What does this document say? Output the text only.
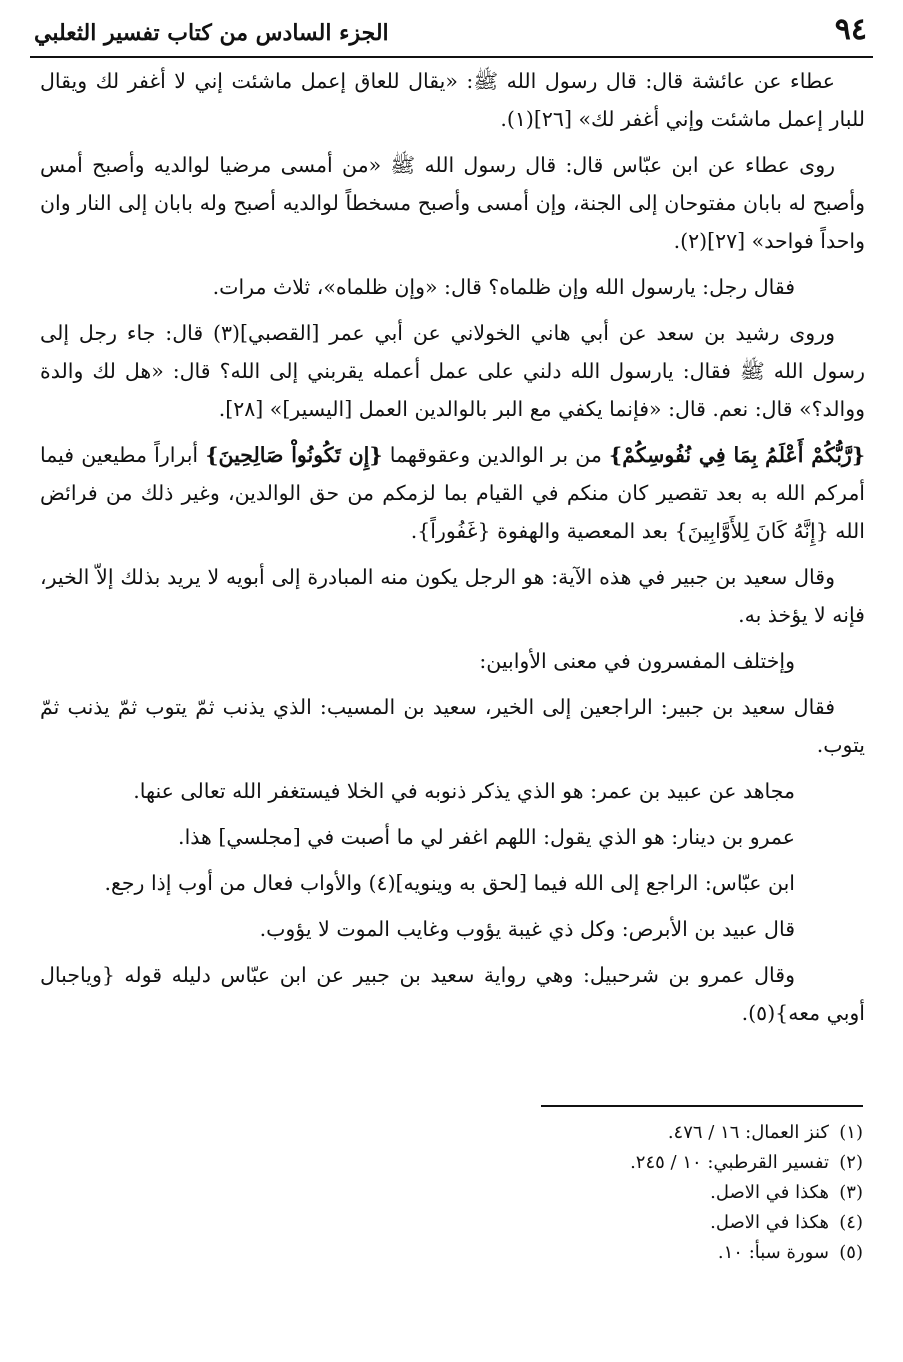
٩٤
الجزء السادس من كتاب تفسير الثعلبي

عطاء عن عائشة قال: قال رسول الله ﷺ: «يقال للعاق إعمل ماشئت إني لا أغفر لك ويقال للبار إعمل ماشئت وإني أغفر لك» [٢٦](١).

روى عطاء عن ابن عبّاس قال: قال رسول الله ﷺ «من أمسى مرضيا لوالديه وأصبح أمس وأصبح له بابان مفتوحان إلى الجنة، وإن أمسى وأصبح مسخطاً لوالديه أصبح وله بابان إلى النار وان واحداً فواحد» [٢٧](٢).

فقال رجل: يارسول الله وإن ظلماه؟ قال: «وإن ظلماه»، ثلاث مرات.

وروى رشيد بن سعد عن أبي هاني الخولاني عن أبي عمر [القصبي](٣) قال: جاء رجل إلى رسول الله ﷺ فقال: يارسول الله دلني على عمل أعمله يقربني إلى الله؟ قال: «هل لك والدة ووالد؟» قال: نعم. قال: «فإنما يكفي مع البر بالوالدين العمل [اليسير]» [٢٨].

{رَّبُّكُمْ أَعْلَمُ بِمَا فِي نُفُوسِكُمْ} من بر الوالدين وعقوقهما {إِن تَكُونُواْ صَالِحِينَ} أبراراً مطيعين فيما أمركم الله به بعد تقصير كان منكم في القيام بما لزمكم من حق الوالدين، وغير ذلك من فرائض الله {إِنَّهُ كَانَ لِلأَوَّابِينَ} بعد المعصية والهفوة {غَفُوراً}.

وقال سعيد بن جبير في هذه الآية: هو الرجل يكون منه المبادرة إلى أبويه لا يريد بذلك إلاّ الخير، فإنه لا يؤخذ به.

وإختلف المفسرون في معنى الأوابين:

فقال سعيد بن جبير: الراجعين إلى الخير، سعيد بن المسيب: الذي يذنب ثمّ يتوب ثمّ يذنب ثمّ يتوب.

مجاهد عن عبيد بن عمر: هو الذي يذكر ذنوبه في الخلا فيستغفر الله تعالى عنها.

عمرو بن دينار: هو الذي يقول: اللهم اغفر لي ما أصبت في [مجلسي] هذا.

ابن عبّاس: الراجع إلى الله فيما [لحق به وينويه](٤) والأواب فعال من أوب إذا رجع.

قال عبيد بن الأبرص: وكل ذي غيبة يؤوب وغايب الموت لا يؤوب.

وقال عمرو بن شرحبيل: وهي رواية سعيد بن جبير عن ابن عبّاس دليله قوله {وياجبال أوبي معه}(٥).

(١)كنز العمال: ١٦ / ٤٧٦.
(٢)تفسير القرطبي: ١٠ / ٢٤٥.
(٣)هكذا في الاصل.
(٤)هكذا في الاصل.
(٥)سورة سبأ: ١٠.
